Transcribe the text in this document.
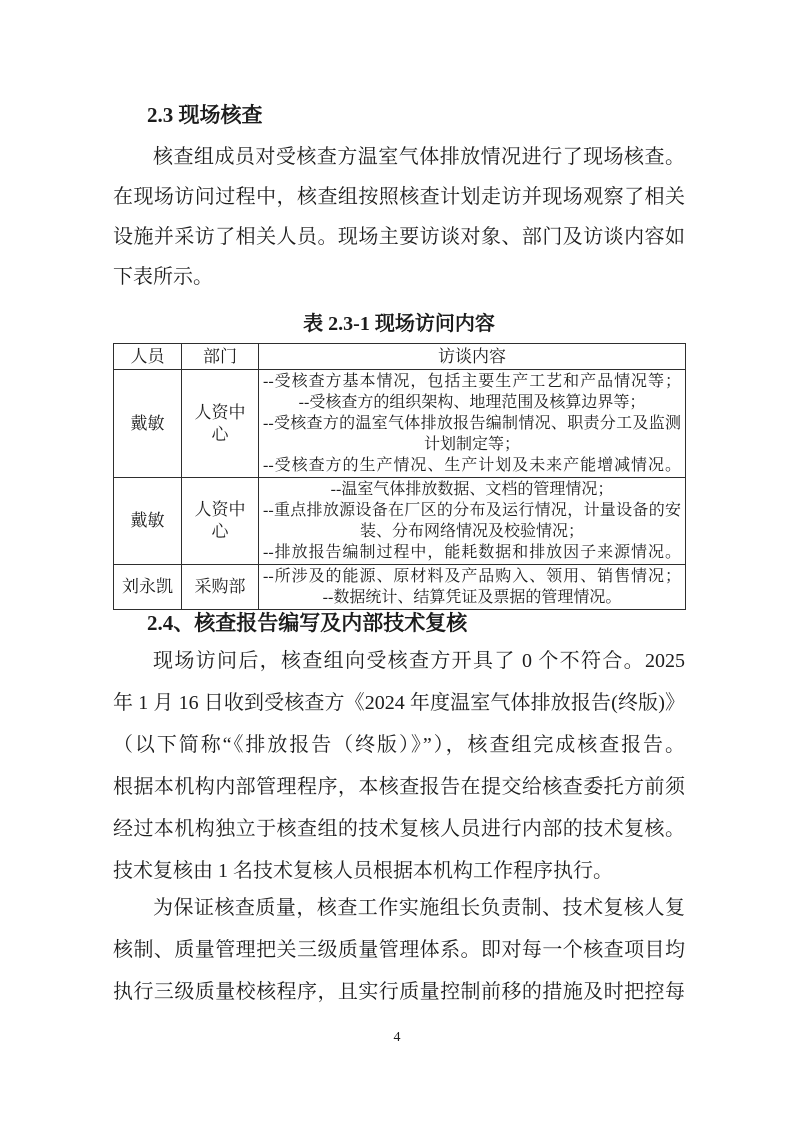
2.3 现场核查
核查组成员对受核查方温室气体排放情况进行了现场核查。
在现场访问过程中，核查组按照核查计划走访并现场观察了相关
设施并采访了相关人员。现场主要访谈对象、部门及访谈内容如
下表所示。
表 2.3-1 现场访问内容
人员	部门	访谈内容
戴敏	人资中心	--受核查方基本情况，包括主要生产工艺和产品情况等；
--受核查方的组织架构、地理范围及核算边界等；
--受核查方的温室气体排放报告编制情况、职责分工及监测
计划制定等；
--受核查方的生产情况、生产计划及未来产能增减情况。

戴敏	人资中心	--温室气体排放数据、文档的管理情况；
--重点排放源设备在厂区的分布及运行情况，计量设备的安
装、分布网络情况及校验情况；
--排放报告编制过程中，能耗数据和排放因子来源情况。

刘永凯	采购部	--所涉及的能源、原材料及产品购入、领用、销售情况；
--数据统计、结算凭证及票据的管理情况。
2.4、核查报告编写及内部技术复核
现场访问后，核查组向受核查方开具了 0 个不符合。2025
年 1 月 16 日收到受核查方《2024 年度温室气体排放报告(终版)》
（以下简称“《排放报告（终版）》”），核查组完成核查报告。
根据本机构内部管理程序，本核查报告在提交给核查委托方前须
经过本机构独立于核查组的技术复核人员进行内部的技术复核。
技术复核由 1 名技术复核人员根据本机构工作程序执行。
为保证核查质量，核查工作实施组长负责制、技术复核人复
核制、质量管理把关三级质量管理体系。即对每一个核查项目均
执行三级质量校核程序，且实行质量控制前移的措施及时把控每
4
